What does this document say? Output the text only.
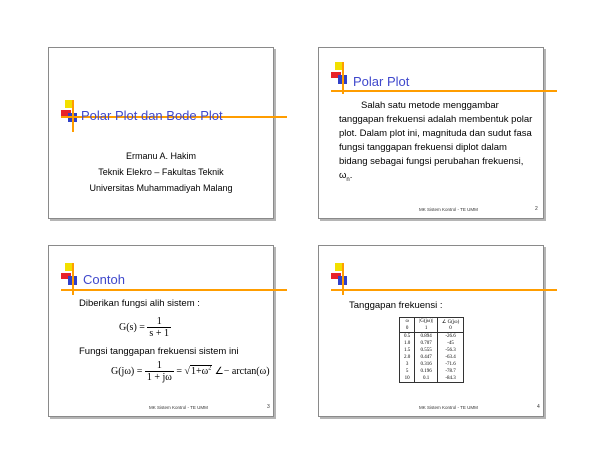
Polar Plot dan Bode Plot
Ermanu A. Hakim
Teknik Elekro – Fakultas Teknik
Universitas Muhammadiyah Malang
Polar Plot
Salah satu metode menggambar
tanggapan frekuensi adalah membentuk polar
plot. Dalam plot ini, magnituda dan sudut fasa
fungsi tanggapan frekuensi diplot dalam
bidang sebagai fungsi perubahan frekuensi,
$\omega_n$.
MK Sistem Kontrol - TE UMM	2
Contoh
Diberikan fungsi alih sistem :
$G(s) = \frac{1}{s + 1}$
Fungsi tanggapan frekuensi sistem ini
$G(j\omega) = \frac{1}{1 + j\omega} = √1+\omega^2$ ∠− arctan(ω)
MK Sistem Kontrol - TE UMM	3
Tanggapan frekuensi :
ω	|G(jω)|	∠ G(jω)
0	1	0
0.5	0.894	-26.6
1.0	0.707	-45
1.5	0.555	-56.3
2.0	0.447	-63.4
3	0.316	-71.6
5	0.196	-78.7
10	0.1	-84.3
MK Sistem Kontrol - TE UMM	4
